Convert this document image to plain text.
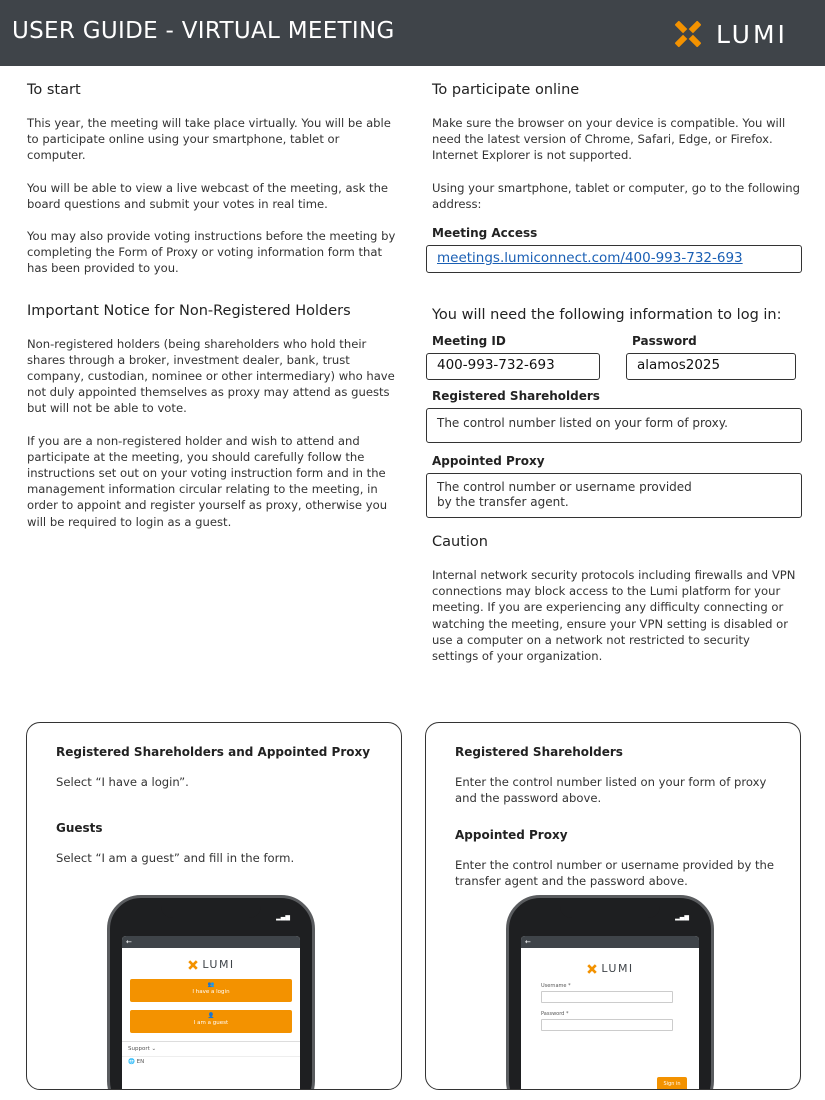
USER GUIDE - VIRTUAL MEETING	LUMI
To start

This year, the meeting will take place virtually. You will be able to participate online using your smartphone, tablet or computer.

You will be able to view a live webcast of the meeting, ask the board questions and submit your votes in real time.

You may also provide voting instructions before the meeting by completing the Form of Proxy or voting information form that has been provided to you.

Important Notice for Non-Registered Holders

Non-registered holders (being shareholders who hold their shares through a broker, investment dealer, bank, trust company, custodian, nominee or other intermediary) who have not duly appointed themselves as proxy may attend as guests but will not be able to vote.

If you are a non-registered holder and wish to attend and participate at the meeting, you should carefully follow the instructions set out on your voting instruction form and in the management information circular relating to the meeting, in order to appoint and register yourself as proxy, otherwise you will be required to login as a guest.

To participate online

Make sure the browser on your device is compatible. You will need the latest version of Chrome, Safari, Edge, or Firefox. Internet Explorer is not supported.

Using your smartphone, tablet or computer, go to the following address:

Meeting Access
meetings.lumiconnect.com/400-993-732-693
You will need the following information to log in:
Meeting ID
400-993-732-693
Password
alamos2025
Registered Shareholders
The control number listed on your form of proxy.
Appointed Proxy
The control number or username provided by the transfer agent.
Caution

Internal network security protocols including firewalls and VPN connections may block access to the Lumi platform for your meeting. If you are experiencing any difficulty connecting or watching the meeting, ensure your VPN setting is disabled or use a computer on a network not restricted to security settings of your organization.

Registered Shareholders and Appointed Proxy
Select “I have a login”.
Guests
Select “I am a guest” and fill in the form.
▂▄▆
←
LUMI
👥
I have a login
👤
I am a guest
Support ⌄
🌐 EN
Registered Shareholders
Enter the control number listed on your form of proxy and the password above.
Appointed Proxy
Enter the control number or username provided by the transfer agent and the password above.
▂▄▆
←
LUMI
Username *
Password *
Sign in
